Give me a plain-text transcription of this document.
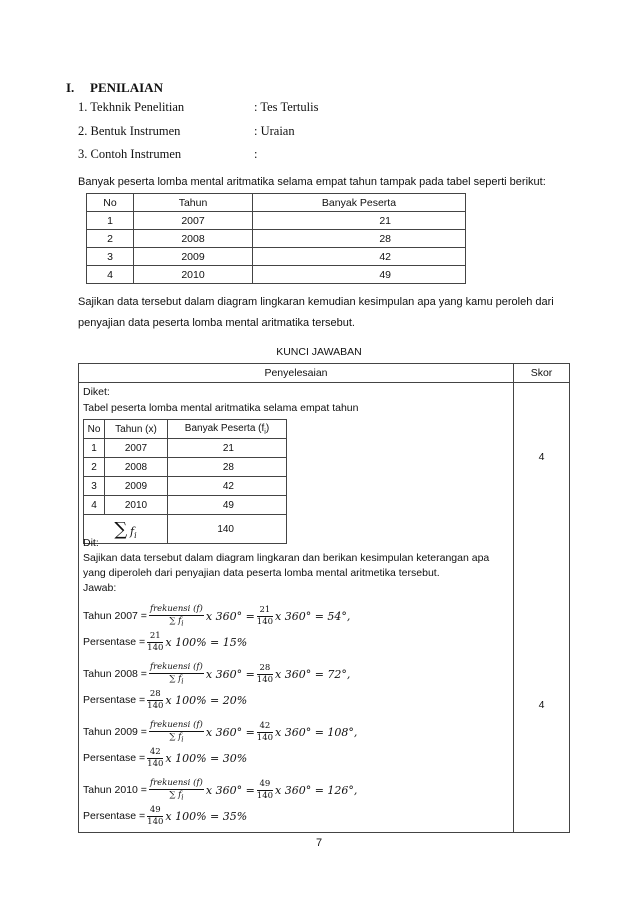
I. PENILAIAN
1. Tekhnik Penelitian	: Tes Tertulis
2. Bentuk Instrumen	: Uraian
3. Contoh Instrumen	:
Banyak peserta lomba mental aritmatika selama empat tahun tampak pada tabel seperti berikut:
No	Tahun	Banyak Peserta
1	2007	21
2	2008	28
3	2009	42
4	2010	49
Sajikan data tersebut dalam diagram lingkaran kemudian kesimpulan apa yang kamu peroleh dari
penyajian data peserta lomba mental aritmatika tersebut.
KUNCI JAWABAN
Penyelesaian	Skor
Diket:
Tabel peserta lomba mental aritmatika selama empat tahun
No	Tahun (x)	Banyak Peserta $(f_i)$
1	2007	21
2	2008	28
3	2009	42
4	2010	49
∑ $f_i$		140
Dit:
Sajikan data tersebut dalam diagram lingkaran dan berikan kesimpulan keterangan apa
yang diperoleh dari penyajian data peserta lomba mental aritmetika tersebut.
Jawab:
Tahun $2007 = \frac{\text{frekuensi (f)}}{\sum f_i}$ x $360^\circ = \frac{21}{140}$ x 360° = 54°,
Persentase = $\frac{21}{140}$ x 100% = 15%
Tahun $2008 = \frac{\text{frekuensi (f)}}{\sum f_i}$ x $360^\circ = \frac{28}{140}$ x 360° = 72°,
Persentase = $\frac{28}{140}$ x 100% = 20%
Tahun $2009 = \frac{\text{frekuensi (f)}}{\sum f_i}$ x $360^\circ = \frac{42}{140}$ x 360° = 108°,
Persentase = $\frac{42}{140}$ x 100% = 30%
Tahun $2010 = \frac{\text{frekuensi (f)}}{\sum f_i}$ x $360^\circ = \frac{49}{140}$ x 360° = 126°,
Persentase = $\frac{49}{140}$ x 100% = 35%
4
4
7
